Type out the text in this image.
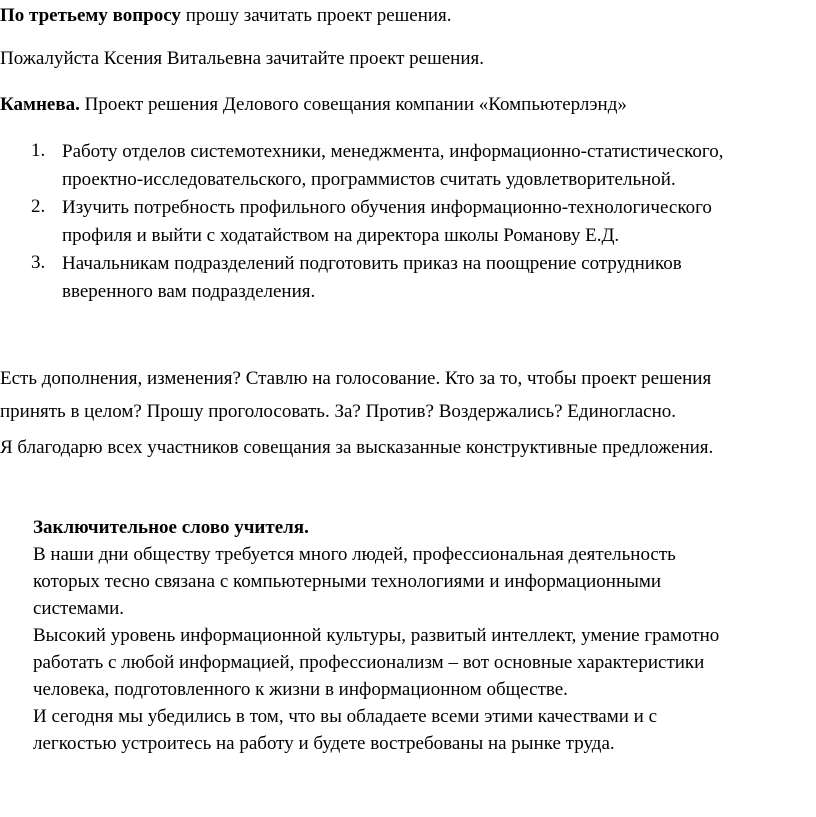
По третьему вопросу прошу зачитать проект решения.
Пожалуйста Ксения Витальевна зачитайте проект решения.
Камнева. Проект решения Делового совещания компании «Компьютерлэнд»
1. Работу отделов системотехники, менеджмента, информационно-статистического,
проектно-исследовательского, программистов считать удовлетворительной.
2. Изучить потребность профильного обучения информационно-технологического
профиля и выйти с ходатайством на директора школы Романову Е.Д.
3. Начальникам подразделений подготовить приказ на поощрение сотрудников
вверенного вам подразделения.
Есть дополнения, изменения? Ставлю на голосование. Кто за то, чтобы проект решения
принять в целом? Прошу проголосовать. За? Против? Воздержались? Единогласно.
Я благодарю всех участников совещания за высказанные конструктивные предложения.

Заключительное слово учителя.

В наши дни обществу требуется много людей, профессиональная деятельность

которых тесно связана с компьютерными технологиями и информационными

системами.

Высокий уровень информационной культуры, развитый интеллект, умение грамотно

работать с любой информацией, профессионализм – вот основные характеристики

человека, подготовленного к жизни в информационном обществе.

И сегодня мы убедились в том, что вы обладаете всеми этими качествами и с

легкостью устроитесь на работу и будете востребованы на рынке труда.
